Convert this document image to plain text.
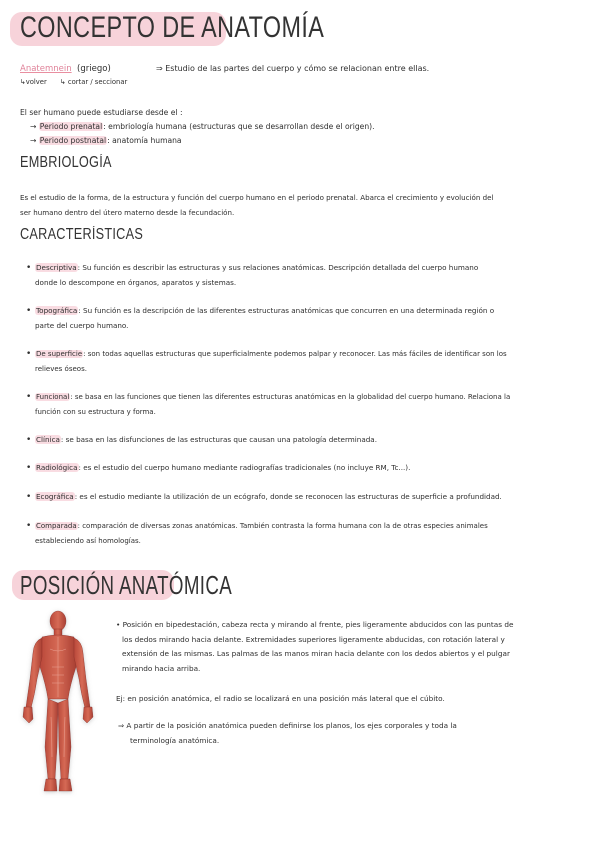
CONCEPTO DE ANATOMÍA
Anatemnein (griego)	⇒ Estudio de las partes del cuerpo y cómo se relacionan entre ellas.
↳volver ↳ cortar / seccionar
El ser humano puede estudiarse desde el :
→ Periodo prenatal: embriología humana (estructuras que se desarrollan desde el origen).
→ Periodo postnatal: anatomía humana
EMBRIOLOGÍA
Es el estudio de la forma, de la estructura y función del cuerpo humano en el periodo prenatal. Abarca el crecimiento y evolución del
ser humano dentro del útero materno desde la fecundación.
CARACTERÍSTICAS
• Descriptiva: Su función es describir las estructuras y sus relaciones anatómicas. Descripción detallada del cuerpo humano
donde lo descompone en órganos, aparatos y sistemas.
• Topográfica: Su función es la descripción de las diferentes estructuras anatómicas que concurren en una determinada región o
parte del cuerpo humano.
• De superficie: son todas aquellas estructuras que superficialmente podemos palpar y reconocer. Las más fáciles de identificar son los
relieves óseos.
• Funcional: se basa en las funciones que tienen las diferentes estructuras anatómicas en la globalidad del cuerpo humano. Relaciona la
función con su estructura y forma.
• Clínica: se basa en las disfunciones de las estructuras que causan una patología determinada.
• Radiológica: es el estudio del cuerpo humano mediante radiografías tradicionales (no incluye RM, Tc...).
• Ecográfica: es el estudio mediante la utilización de un ecógrafo, donde se reconocen las estructuras de superficie a profundidad.
• Comparada: comparación de diversas zonas anatómicas. También contrasta la forma humana con la de otras especies animales
estableciendo así homologías.
POSICIÓN ANATÓMICA
• Posición en bipedestación, cabeza recta y mirando al frente, pies ligeramente abducidos con las puntas de
los dedos mirando hacia delante. Extremidades superiores ligeramente abducidas, con rotación lateral y
extensión de las mismas. Las palmas de las manos miran hacia delante con los dedos abiertos y el pulgar
mirando hacia arriba.
Ej: en posición anatómica, el radio se localizará en una posición más lateral que el cúbito.
⇒ A partir de la posición anatómica pueden definirse los planos, los ejes corporales y toda la
terminología anatómica.
